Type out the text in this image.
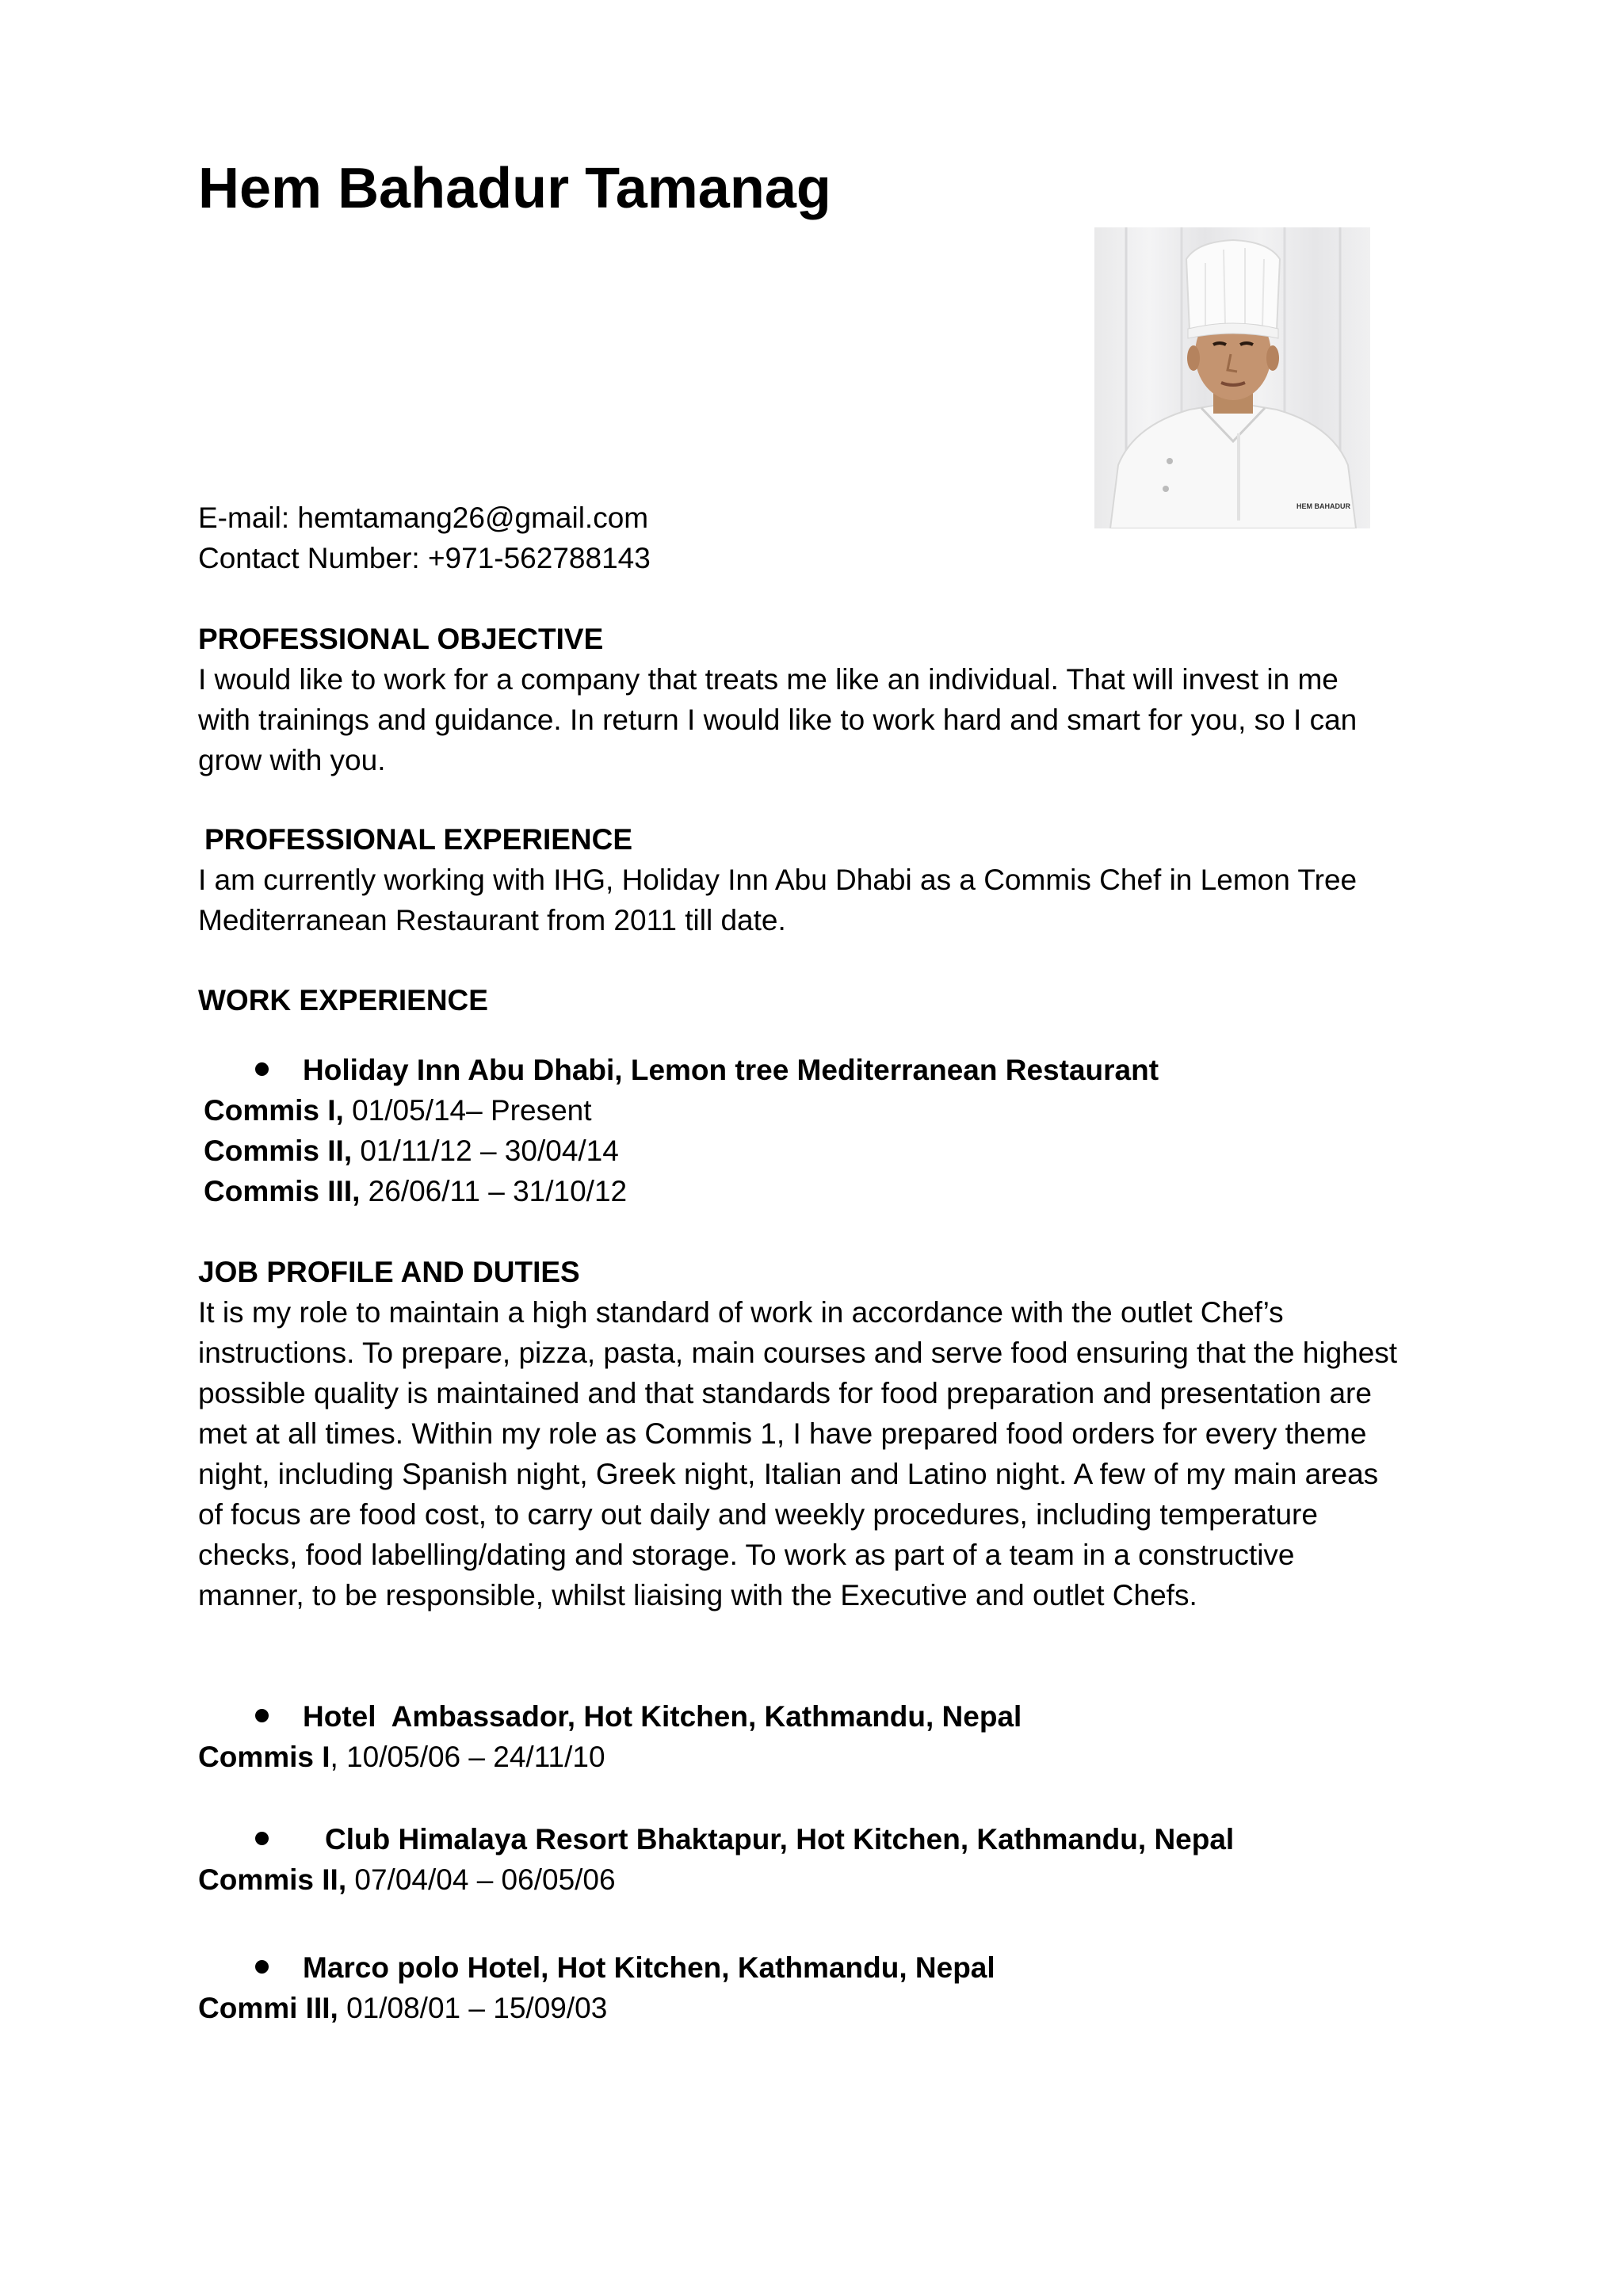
Hem Bahadur Tamanag
HEM BAHADUR
E-mail: hemtamang26@gmail.com
Contact Number: +971-562788143
PROFESSIONAL OBJECTIVE
I would like to work for a company that treats me like an individual. That will invest in me
with trainings and guidance. In return I would like to work hard and smart for you, so I can
grow with you.
PROFESSIONAL EXPERIENCE
I am currently working with IHG, Holiday Inn Abu Dhabi as a Commis Chef in Lemon Tree
Mediterranean Restaurant from 2011 till date.
WORK EXPERIENCE
Holiday Inn Abu Dhabi, Lemon tree Mediterranean Restaurant
Commis I, 01/05/14– Present
Commis II, 01/11/12 – 30/04/14
Commis III, 26/06/11 – 31/10/12
JOB PROFILE AND DUTIES
It is my role to maintain a high standard of work in accordance with the outlet Chef’s
instructions. To prepare, pizza, pasta, main courses and serve food ensuring that the highest
possible quality is maintained and that standards for food preparation and presentation are
met at all times. Within my role as Commis 1, I have prepared food orders for every theme
night, including Spanish night, Greek night, Italian and Latino night. A few of my main areas
of focus are food cost, to carry out daily and weekly procedures, including temperature
checks, food labelling/dating and storage. To work as part of a team in a constructive
manner, to be responsible, whilst liaising with the Executive and outlet Chefs.
Hotel  Ambassador, Hot Kitchen, Kathmandu, Nepal
Commis I, 10/05/06 – 24/11/10
Club Himalaya Resort Bhaktapur, Hot Kitchen, Kathmandu, Nepal
Commis II, 07/04/04 – 06/05/06
Marco polo Hotel, Hot Kitchen, Kathmandu, Nepal
Commi III, 01/08/01 – 15/09/03
